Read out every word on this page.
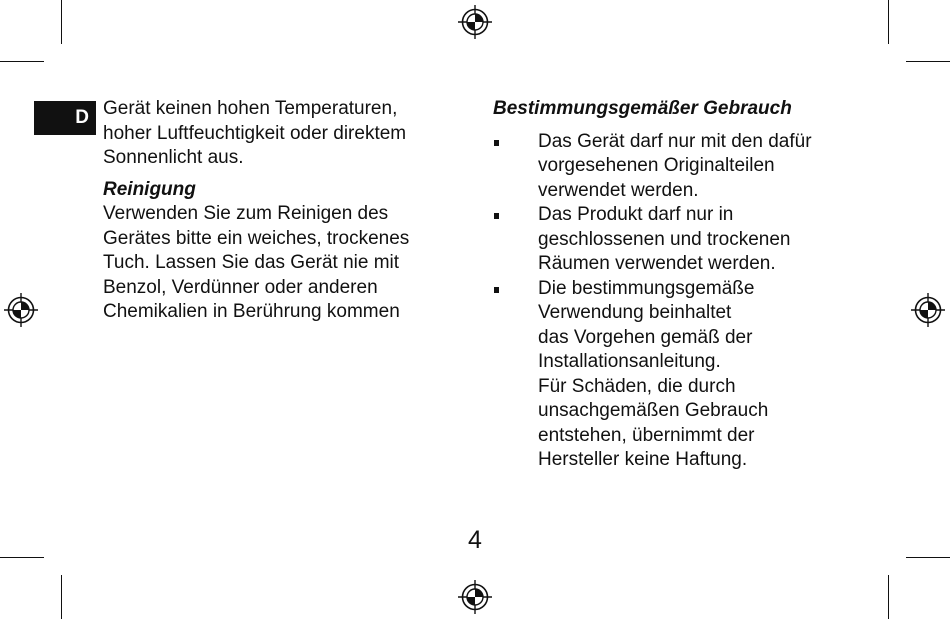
D Gerät keinen hohen Temperaturen,
hoher Luftfeuchtigkeit oder direktem
Sonnenlicht aus.

Reinigung

Verwenden Sie zum Reinigen des
Gerätes bitte ein weiches, trockenes
Tuch. Lassen Sie das Gerät nie mit
Benzol, Verdünner oder anderen
Chemikalien in Berührung kommen

Bestimmungsgemäßer Gebrauch

Das Gerät darf nur mit den dafür
vorgesehenen Originalteilen
verwendet werden.
Das Produkt darf nur in
geschlossenen und trockenen
Räumen verwendet werden.
Die bestimmungsgemäße
Verwendung beinhaltet
das Vorgehen gemäß der
Installationsanleitung.
Für Schäden, die durch
unsachgemäßen Gebrauch
entstehen, übernimmt der
Hersteller keine Haftung.
4
